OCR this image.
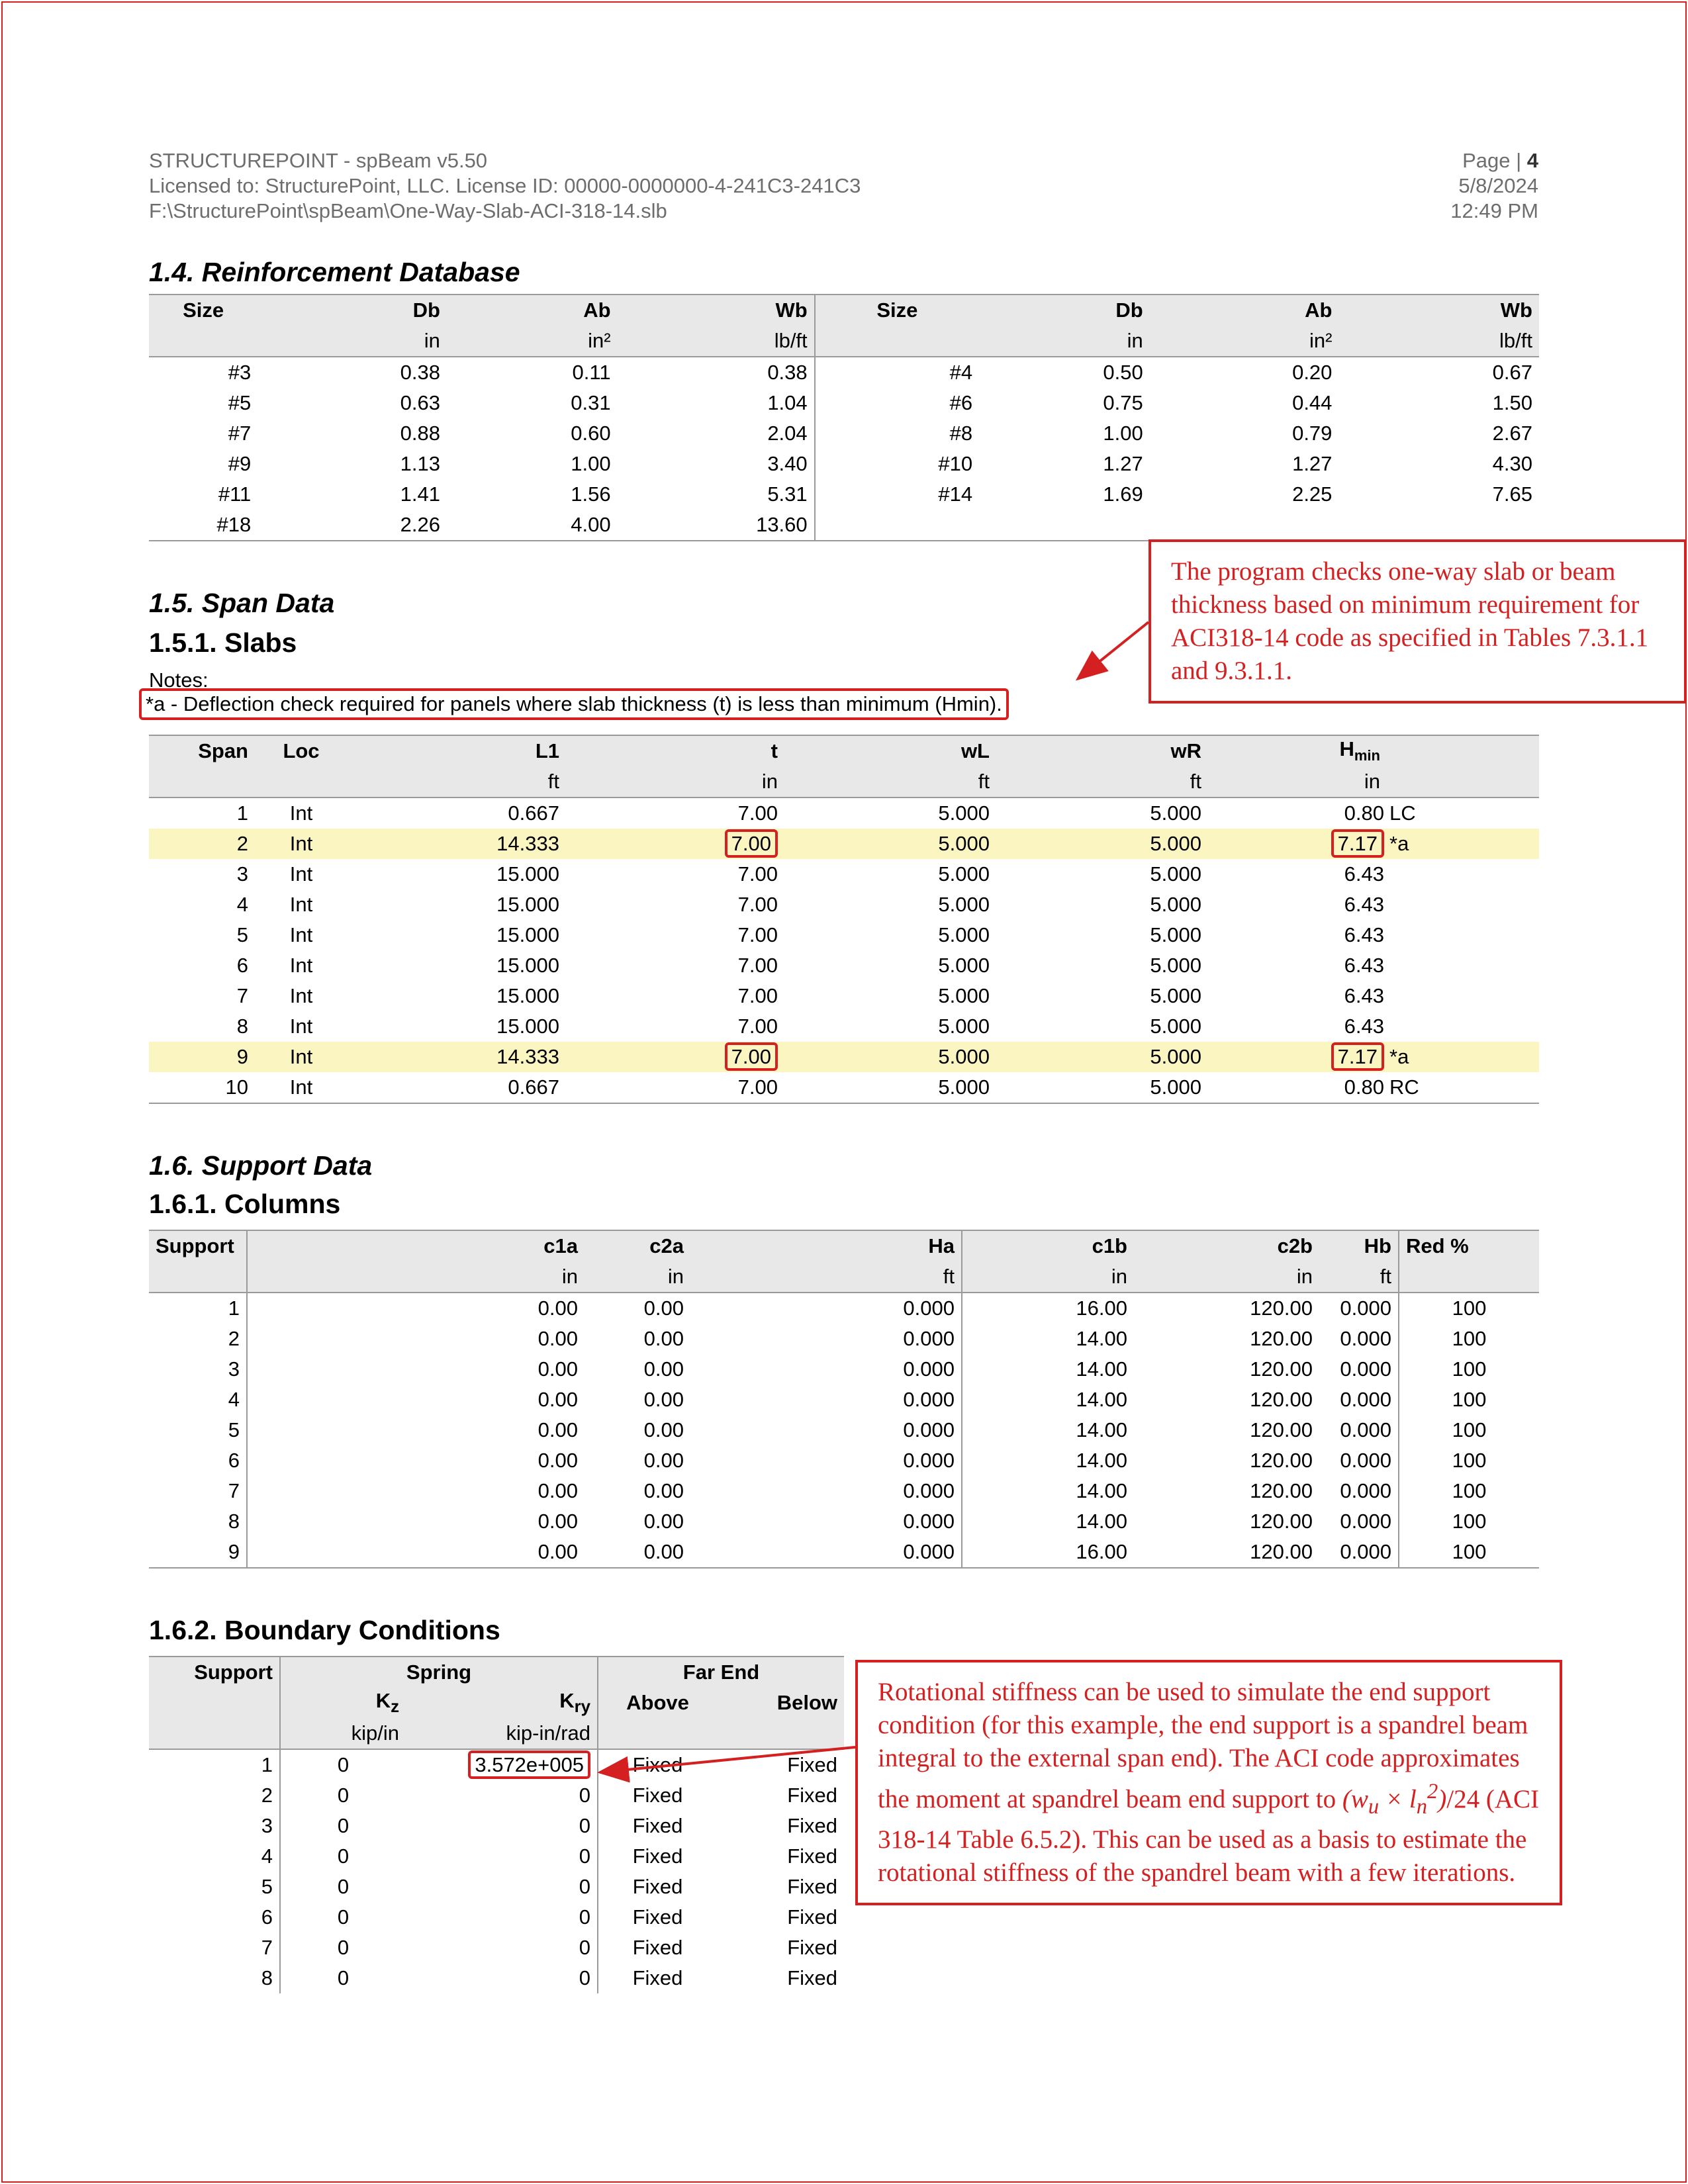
STRUCTUREPOINT - spBeam v5.50
Licensed to: StructurePoint, LLC. License ID: 00000-0000000-4-241C3-241C3
F:\StructurePoint\spBeam\One-Way-Slab-ACI-318-14.slb
Page | 4
5/8/2024
12:49 PM
1.4. Reinforcement Database
Size	Db	Ab	Wb	Size	Db	Ab	Wb
	in	in²	lb/ft		in	in²	lb/ft
#3	0.38	0.11	0.38	#4	0.50	0.20	0.67
#5	0.63	0.31	1.04	#6	0.75	0.44	1.50
#7	0.88	0.60	2.04	#8	1.00	0.79	2.67
#9	1.13	1.00	3.40	#10	1.27	1.27	4.30
#11	1.41	1.56	5.31	#14	1.69	2.25	7.65
#18	2.26	4.00	13.60				
1.5. Span Data
1.5.1. Slabs
Notes:
*a - Deflection check required for panels where slab thickness (t) is less than minimum (Hmin).
Span	Loc	L1	t	wL	wR	$H_{min}$	
		ft	in	ft	ft	in	
1	Int	0.667	7.00	5.000	5.000	0.80	LC
2	Int	14.333	7.00	5.000	5.000	7.17	*a
3	Int	15.000	7.00	5.000	5.000	6.43	
4	Int	15.000	7.00	5.000	5.000	6.43	
5	Int	15.000	7.00	5.000	5.000	6.43	
6	Int	15.000	7.00	5.000	5.000	6.43	
7	Int	15.000	7.00	5.000	5.000	6.43	
8	Int	15.000	7.00	5.000	5.000	6.43	
9	Int	14.333	7.00	5.000	5.000	7.17	*a
10	Int	0.667	7.00	5.000	5.000	0.80	RC
1.6. Support Data
1.6.1. Columns
Support	c1a	c2a	Ha	c1b	c2b	Hb	Red %
	in	in	ft	in	in	ft	
1	0.00	0.00	0.000	16.00	120.00	0.000	100
2	0.00	0.00	0.000	14.00	120.00	0.000	100
3	0.00	0.00	0.000	14.00	120.00	0.000	100
4	0.00	0.00	0.000	14.00	120.00	0.000	100
5	0.00	0.00	0.000	14.00	120.00	0.000	100
6	0.00	0.00	0.000	14.00	120.00	0.000	100
7	0.00	0.00	0.000	14.00	120.00	0.000	100
8	0.00	0.00	0.000	14.00	120.00	0.000	100
9	0.00	0.00	0.000	16.00	120.00	0.000	100
1.6.2. Boundary Conditions
Support	Spring		Far End	
	$K_z$	$K_{ry}$	Above	Below
	kip/in	kip-in/rad		
1	0	3.572e+005	Fixed	Fixed
2	0	0	Fixed	Fixed
3	0	0	Fixed	Fixed
4	0	0	Fixed	Fixed
5	0	0	Fixed	Fixed
6	0	0	Fixed	Fixed
7	0	0	Fixed	Fixed
8	0	0	Fixed	Fixed
The program checks one-way slab or beam thickness based on minimum requirement for ACI318-14 code as specified in Tables 7.3.1.1 and 9.3.1.1.
Rotational stiffness can be used to simulate the end support condition (for this example, the end support is a spandrel beam integral to the external span end). The ACI code approximates the moment at spandrel beam end support to $(w_u \times l_n^2)/24$ (ACI 318-14 Table 6.5.2). This can be used as a basis to estimate the rotational stiffness of the spandrel beam with a few iterations.
